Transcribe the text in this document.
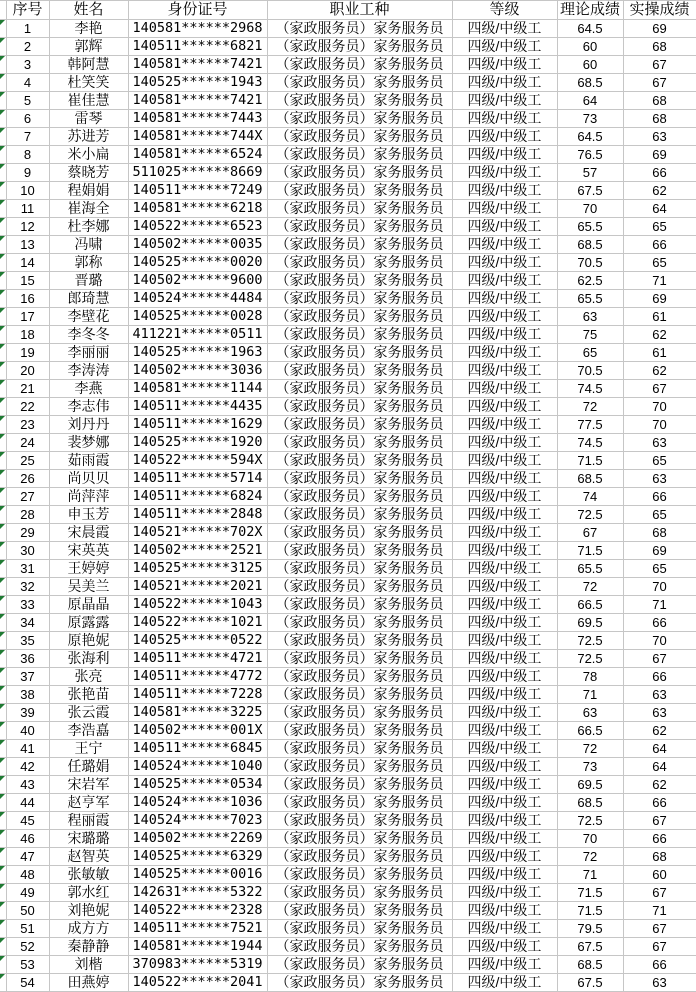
	序号	姓名	身份证号	职业工种	等级	理论成绩	实操成绩

	1	李艳	140581******2968	（家政服务员）家务服务员	四级/中级工	64.5	69

	2	郭辉	140511******6821	（家政服务员）家务服务员	四级/中级工	60	68

	3	韩阿慧	140581******7421	（家政服务员）家务服务员	四级/中级工	60	67

	4	杜笑笑	140525******1943	（家政服务员）家务服务员	四级/中级工	68.5	67

	5	崔佳慧	140581******7421	（家政服务员）家务服务员	四级/中级工	64	68

	6	雷琴	140581******7443	（家政服务员）家务服务员	四级/中级工	73	68

	7	苏进芳	140581******744X	（家政服务员）家务服务员	四级/中级工	64.5	63

	8	米小扁	140581******6524	（家政服务员）家务服务员	四级/中级工	76.5	69

	9	蔡晓芳	511025******8669	（家政服务员）家务服务员	四级/中级工	57	66

	10	程娟娟	140511******7249	（家政服务员）家务服务员	四级/中级工	67.5	62

	11	崔海全	140581******6218	（家政服务员）家务服务员	四级/中级工	70	64

	12	杜李娜	140522******6523	（家政服务员）家务服务员	四级/中级工	65.5	65

	13	冯啸	140502******0035	（家政服务员）家务服务员	四级/中级工	68.5	66

	14	郭称	140525******0020	（家政服务员）家务服务员	四级/中级工	70.5	65

	15	晋璐	140502******9600	（家政服务员）家务服务员	四级/中级工	62.5	71

	16	郎琦慧	140524******4484	（家政服务员）家务服务员	四级/中级工	65.5	69

	17	李壁花	140525******0028	（家政服务员）家务服务员	四级/中级工	63	61

	18	李冬冬	411221******0511	（家政服务员）家务服务员	四级/中级工	75	62

	19	李丽丽	140525******1963	（家政服务员）家务服务员	四级/中级工	65	61

	20	李涛涛	140502******3036	（家政服务员）家务服务员	四级/中级工	70.5	62

	21	李燕	140581******1144	（家政服务员）家务服务员	四级/中级工	74.5	67

	22	李志伟	140511******4435	（家政服务员）家务服务员	四级/中级工	72	70

	23	刘丹丹	140511******1629	（家政服务员）家务服务员	四级/中级工	77.5	70

	24	裴梦娜	140525******1920	（家政服务员）家务服务员	四级/中级工	74.5	63

	25	茹雨霞	140522******594X	（家政服务员）家务服务员	四级/中级工	71.5	65

	26	尚贝贝	140511******5714	（家政服务员）家务服务员	四级/中级工	68.5	63

	27	尚萍萍	140511******6824	（家政服务员）家务服务员	四级/中级工	74	66

	28	申玉芳	140511******2848	（家政服务员）家务服务员	四级/中级工	72.5	65

	29	宋晨霞	140521******702X	（家政服务员）家务服务员	四级/中级工	67	68

	30	宋英英	140502******2521	（家政服务员）家务服务员	四级/中级工	71.5	69

	31	王婷婷	140525******3125	（家政服务员）家务服务员	四级/中级工	65.5	65

	32	吴美兰	140521******2021	（家政服务员）家务服务员	四级/中级工	72	70

	33	原晶晶	140522******1043	（家政服务员）家务服务员	四级/中级工	66.5	71

	34	原露露	140522******1021	（家政服务员）家务服务员	四级/中级工	69.5	66

	35	原艳妮	140525******0522	（家政服务员）家务服务员	四级/中级工	72.5	70

	36	张海利	140511******4721	（家政服务员）家务服务员	四级/中级工	72.5	67

	37	张亮	140511******4772	（家政服务员）家务服务员	四级/中级工	78	66

	38	张艳苗	140511******7228	（家政服务员）家务服务员	四级/中级工	71	63

	39	张云霞	140581******3225	（家政服务员）家务服务员	四级/中级工	63	63

	40	李浩嚞	140502******001X	（家政服务员）家务服务员	四级/中级工	66.5	62

	41	王宁	140511******6845	（家政服务员）家务服务员	四级/中级工	72	64

	42	任璐娟	140524******1040	（家政服务员）家务服务员	四级/中级工	73	64

	43	宋岩军	140525******0534	（家政服务员）家务服务员	四级/中级工	69.5	62

	44	赵亨军	140524******1036	（家政服务员）家务服务员	四级/中级工	68.5	66

	45	程丽霞	140524******7023	（家政服务员）家务服务员	四级/中级工	72.5	67

	46	宋璐璐	140502******2269	（家政服务员）家务服务员	四级/中级工	70	66

	47	赵智英	140525******6329	（家政服务员）家务服务员	四级/中级工	72	68

	48	张敏敏	140525******0016	（家政服务员）家务服务员	四级/中级工	71	60

	49	郭水红	142631******5322	（家政服务员）家务服务员	四级/中级工	71.5	67

	50	刘艳妮	140522******2328	（家政服务员）家务服务员	四级/中级工	71.5	71

	51	成方方	140511******7521	（家政服务员）家务服务员	四级/中级工	79.5	67

	52	秦静静	140581******1944	（家政服务员）家务服务员	四级/中级工	67.5	67

	53	刘楷	370983******5319	（家政服务员）家务服务员	四级/中级工	68.5	66

	54	田燕婷	140522******2041	（家政服务员）家务服务员	四级/中级工	67.5	63
